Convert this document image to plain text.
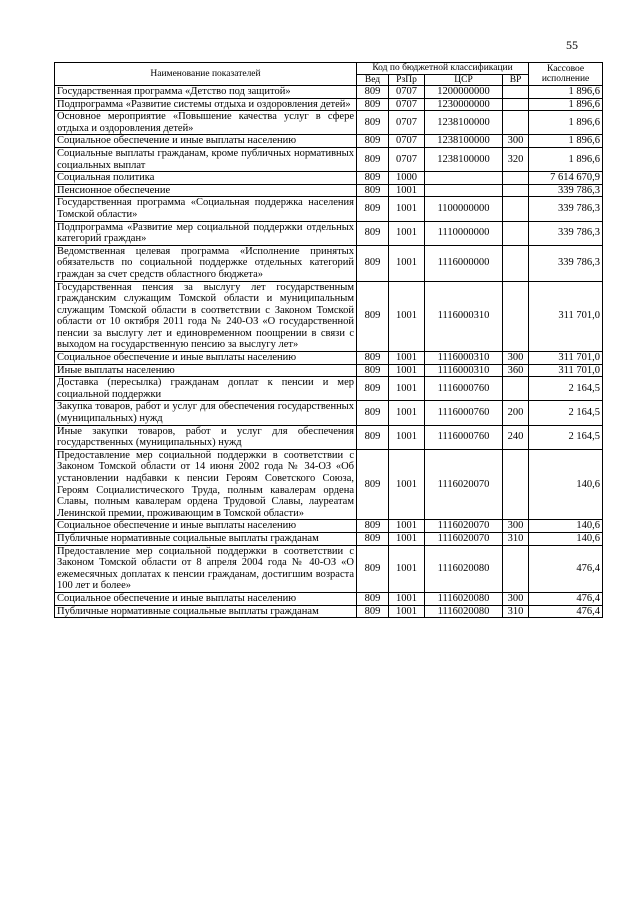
55
Наименование показателей	Код по бюджетной классификации				Кассовое исполнение
	Вед	РзПр	ЦСР	ВР	
Государственная программа «Детство под защитой»	809	0707	1200000000		1 896,6
Подпрограмма «Развитие системы отдыха и оздоровления детей»	809	0707	1230000000		1 896,6
Основное мероприятие «Повышение качества услуг в сфере отдыха и оздоровления детей»	809	0707	1238100000		1 896,6
Социальное обеспечение и иные выплаты населению	809	0707	1238100000	300	1 896,6
Социальные выплаты гражданам, кроме публичных нормативных социальных выплат	809	0707	1238100000	320	1 896,6
Социальная политика	809	1000			7 614 670,9
Пенсионное обеспечение	809	1001			339 786,3
Государственная программа «Социальная поддержка населения Томской области»	809	1001	1100000000		339 786,3
Подпрограмма «Развитие мер социальной поддержки отдельных категорий граждан»	809	1001	1110000000		339 786,3
Ведомственная целевая программа «Исполнение принятых обязательств по социальной поддержке отдельных категорий граждан за счет средств областного бюджета»	809	1001	1116000000		339 786,3
Государственная пенсия за выслугу лет государственным гражданским служащим Томской области и муниципальным служащим Томской области в соответствии с Законом Томской области от 10 октября 2011 года № 240-ОЗ «О государственной пенсии за выслугу лет и единовременном поощрении в связи с выходом на государственную пенсию за выслугу лет»	809	1001	1116000310		311 701,0
Социальное обеспечение и иные выплаты населению	809	1001	1116000310	300	311 701,0
Иные выплаты населению	809	1001	1116000310	360	311 701,0
Доставка (пересылка) гражданам доплат к пенсии и мер социальной поддержки	809	1001	1116000760		2 164,5
Закупка товаров, работ и услуг для обеспечения государственных (муниципальных) нужд	809	1001	1116000760	200	2 164,5
Иные закупки товаров, работ и услуг для обеспечения государственных (муниципальных) нужд	809	1001	1116000760	240	2 164,5
Предоставление мер социальной поддержки в соответствии с Законом Томской области от 14 июня 2002 года № 34-ОЗ «Об установлении надбавки к пенсии Героям Советского Союза, Героям Социалистического Труда, полным кавалерам ордена Славы, полным кавалерам ордена Трудовой Славы, лауреатам Ленинской премии, проживающим в Томской области»	809	1001	1116020070		140,6
Социальное обеспечение и иные выплаты населению	809	1001	1116020070	300	140,6
Публичные нормативные социальные выплаты гражданам	809	1001	1116020070	310	140,6
Предоставление мер социальной поддержки в соответствии с Законом Томской области от 8 апреля 2004 года № 40-ОЗ «О ежемесячных доплатах к пенсии гражданам, достигшим возраста 100 лет и более»	809	1001	1116020080		476,4
Социальное обеспечение и иные выплаты населению	809	1001	1116020080	300	476,4
Публичные нормативные социальные выплаты гражданам	809	1001	1116020080	310	476,4
